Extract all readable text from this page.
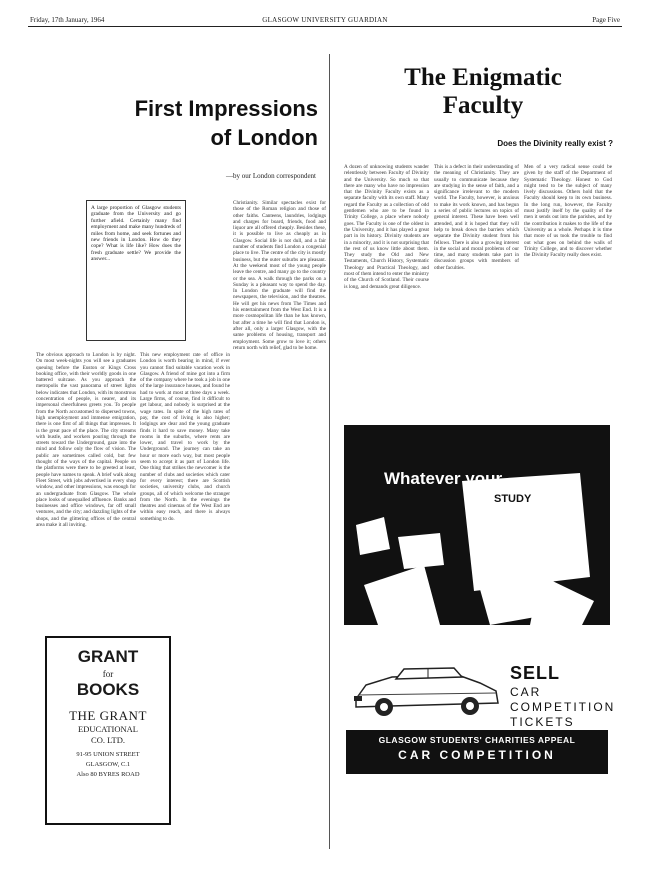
Friday, 17th January, 1964	GLASGOW UNIVERSITY GUARDIAN	Page Five
First Impressions
of London
—by our London correspondent
A large proportion of Glasgow students graduate from the University and go further afield. Certainly many find employment and make many hundreds of miles from home, and seek fortunes and new friends in London. How do they cope? What is life like? How does the fresh graduate settle? We provide the answer...
The obvious approach to London is by night. On most week-nights you will see a graduates queuing before the Euston or Kings Cross booking office, with their worldly goods in one battered suitcase. As you approach the metropolis the vast panorama of street lights below indicates that London, with its monstrous concentration of people, is nearer, and its impersonal cheerfulness greets you. To people from the North accustomed to dispersed towns, high unemployment and immense emigration, there is one first of all things that impresses. It is the great pace of the place. The city streams with bustle, and workers pouring through the streets toward the Underground, gaze into the mind and follow only the flow of vision. The public are sometimes called cold, but few thought of the ways of the capital. People on the platforms were there to be greeted at least, people have names to speak. A brief walk along Fleet Street, with jobs advertised in every shop window, and other impressions, was enough for an undergraduate from Glasgow. The whole place looks of unequalled affluence. Banks and businesses and office windows, far off small ventures, and the city; and dazzling lights of the shops, and the glittering offices of the central area make it all inviting.
This new employment rate of office in London is worth bearing in mind, if ever you cannot find suitable vacation work in Glasgow. A friend of mine got into a firm of the company where he took a job in one of the large insurance houses, and found he had to work at most at three days a week. Large firms, of course, find it difficult to get labour, and nobody is surprised at the wage rates. In spite of the high rates of pay, the cost of living is also higher; lodgings are dear and the young graduate finds it hard to save money. Many take rooms in the suburbs, where rents are lower, and travel to work by the Underground. The journey can take an hour or more each way, but most people seem to accept it as part of London life. One thing that strikes the newcomer is the number of clubs and societies which cater for every interest; there are Scottish societies, university clubs, and church groups, all of which welcome the stranger from the North. In the evenings the theatres and cinemas of the West End are within easy reach, and there is always something to do.
Christianity. Similar spectacles exist for those of the Roman religion and those of other faiths. Canteens, laundries, lodgings and charges for board, friends, food and liquor are all offered cheaply. Besides these, it is possible to live as cheaply as in Glasgow. Social life is not dull, and a fair number of students find London a congenial place to live. The centre of the city is mostly business, but the outer suburbs are pleasant. At the weekend most of the young people leave the centre, and many go to the country or the sea. A walk through the parks on a Sunday is a pleasant way to spend the day. In London the graduate will find the newspapers, the television, and the theatres. He will get his news from The Times and his entertainment from the West End. It is a more cosmopolitan life than he has known, but after a time he will find that London is, after all, only a larger Glasgow, with the same problems of housing, transport and employment. Some grow to love it; others return north with relief, glad to be home.
GRANT
for
BOOKS
THE GRANT
EDUCATIONAL
CO. LTD.
91-95 UNION STREET
GLASGOW, C.1
Also 80 BYRES ROAD
The Enigmatic
Faculty
Does the Divinity really exist ?
A dozen of unknowing students wander relentlessly between Faculty of Divinity and the University. So much so that there are many who have no impression that the Divinity Faculty exists as a separate faculty with its own staff. Many regard the Faculty as a collection of odd gentlemen who are to be found in Trinity College, a place where nobody goes. The Faculty is one of the oldest in the University, and it has played a great part in its history. Divinity students are in a minority, and it is not surprising that the rest of us know little about them. They study the Old and New Testaments, Church History, Systematic Theology and Practical Theology, and most of them intend to enter the ministry of the Church of Scotland. Their course is long, and demands great diligence.
This is a defect in their understanding of the meaning of Christianity. They are usually to communicate because they are studying in the sense of faith, and a significance irrelevant to the modern world. The Faculty, however, is anxious to make its work known, and has begun a series of public lectures on topics of general interest. These have been well attended, and it is hoped that they will help to break down the barriers which separate the Divinity student from his fellows. There is also a growing interest in the social and moral problems of our time, and many students take part in discussion groups with members of other faculties.
Men of a very radical sense could be given by the staff of the Department of Systematic Theology. Honest to God might tend to be the subject of many lively discussions. Others hold that the Faculty should keep to its own business. In the long run, however, the Faculty must justify itself by the quality of the men it sends out into the parishes, and by the contribution it makes to the life of the University as a whole. Perhaps it is time that more of us took the trouble to find out what goes on behind the walls of Trinity College, and to discover whether the Divinity Faculty really does exist.
Whatever your
STUDY
SELL
CAR
COMPETITION
TICKETS
GLASGOW STUDENTS' CHARITIES APPEAL
CAR COMPETITION
